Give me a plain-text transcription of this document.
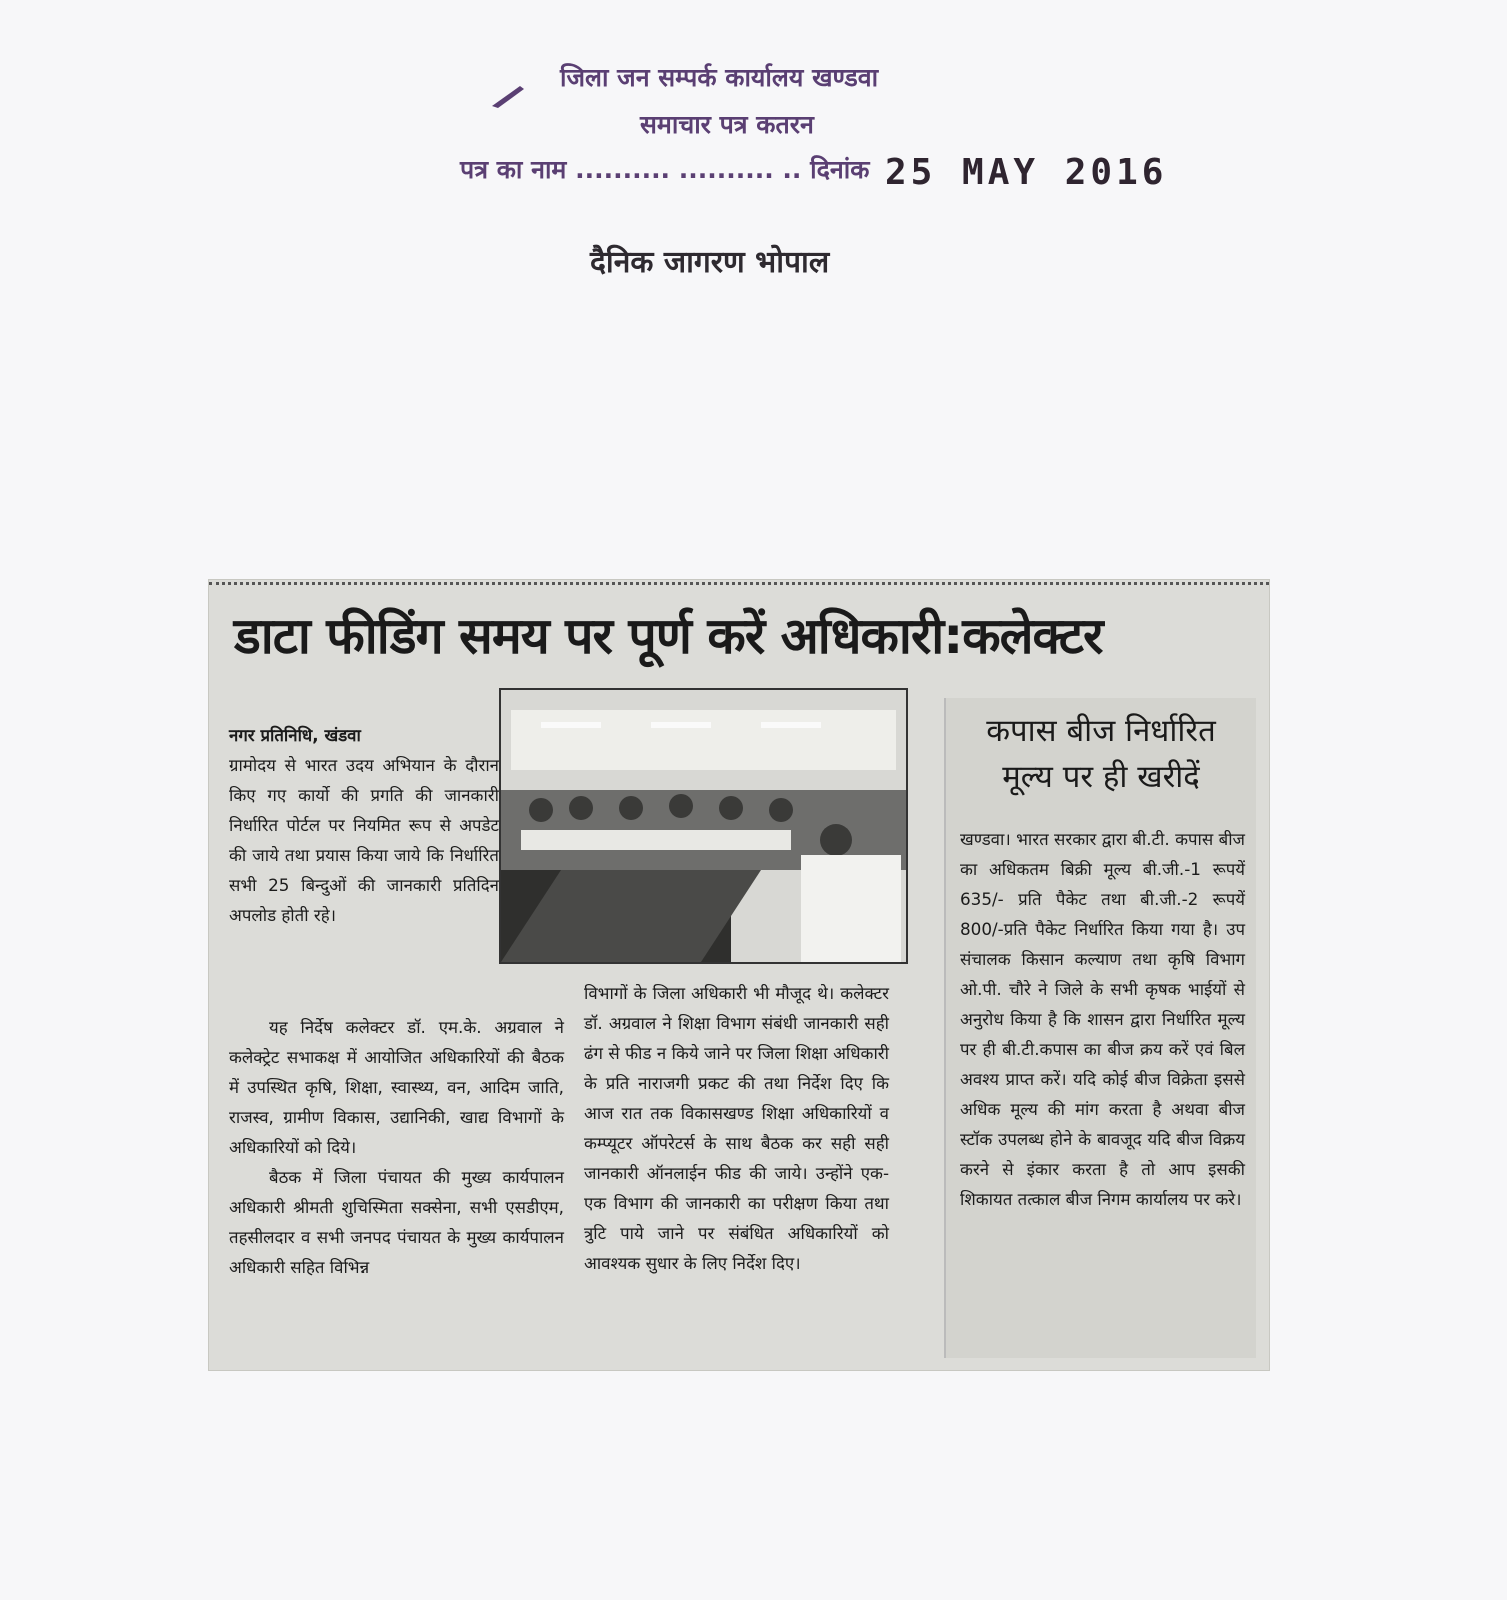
जिला जन सम्पर्क कार्यालय खण्डवा
समाचार पत्र कतरन
पत्र का नाम .......... .......... .. दिनांक 25 MAY 2016
दैनिक जागरण भोपाल
डाटा फीडिंग समय पर पूर्ण करें अधिकारी:कलेक्टर

नगर प्रतिनिधि, खंडवा

ग्रामोदय से भारत उदय अभियान के दौरान किए गए कार्यो की प्रगति की जानकारी निर्धारित पोर्टल पर नियमित रूप से अपडेट की जाये तथा प्रयास किया जाये कि निर्धारित सभी 25 बिन्दुओं की जानकारी प्रतिदिन अपलोड होती रहे।

यह निर्देष कलेक्टर डॉ. एम.के. अग्रवाल ने कलेक्ट्रेट सभाकक्ष में आयोजित अधिकारियों की बैठक में उपस्थित कृषि, शिक्षा, स्वास्थ्य, वन, आदिम जाति, राजस्व, ग्रामीण विकास, उद्यानिकी, खाद्य विभागों के अधिकारियों को दिये।

बैठक में जिला पंचायत की मुख्य कार्यपालन अधिकारी श्रीमती शुचिस्मिता सक्सेना, सभी एसडीएम, तहसीलदार व सभी जनपद पंचायत के मुख्य कार्यपालन अधिकारी सहित विभिन्न

विभागों के जिला अधिकारी भी मौजूद थे। कलेक्टर डॉ. अग्रवाल ने शिक्षा विभाग संबंधी जानकारी सही ढंग से फीड न किये जाने पर जिला शिक्षा अधिकारी के प्रति नाराजगी प्रकट की तथा निर्देश दिए कि आज रात तक विकासखण्ड शिक्षा अधिकारियों व कम्प्यूटर ऑपरेटर्स के साथ बैठक कर सही सही जानकारी ऑनलाईन फीड की जाये। उन्होंने एक-एक विभाग की जानकारी का परीक्षण किया तथा त्रुटि पाये जाने पर संबंधित अधिकारियों को आवश्यक सुधार के लिए निर्देश दिए।

कपास बीज निर्धारित मूल्य पर ही खरीदें
खण्डवा। भारत सरकार द्वारा बी.टी. कपास बीज का अधिकतम बिक्री मूल्य बी.जी.-1 रूपयें 635/- प्रति पैकेट तथा बी.जी.-2 रूपयें 800/-प्रति पैकेट निर्धारित किया गया है। उप संचालक किसान कल्याण तथा कृषि विभाग ओ.पी. चौरे ने जिले के सभी कृषक भाईयों से अनुरोध किया है कि शासन द्वारा निर्धारित मूल्य पर ही बी.टी.कपास का बीज क्रय करें एवं बिल अवश्य प्राप्त करें। यदि कोई बीज विक्रेता इससे अधिक मूल्य की मांग करता है अथवा बीज स्टॉक उपलब्ध होने के बावजूद यदि बीज विक्रय करने से इंकार करता है तो आप इसकी शिकायत तत्काल बीज निगम कार्यालय पर करे।
